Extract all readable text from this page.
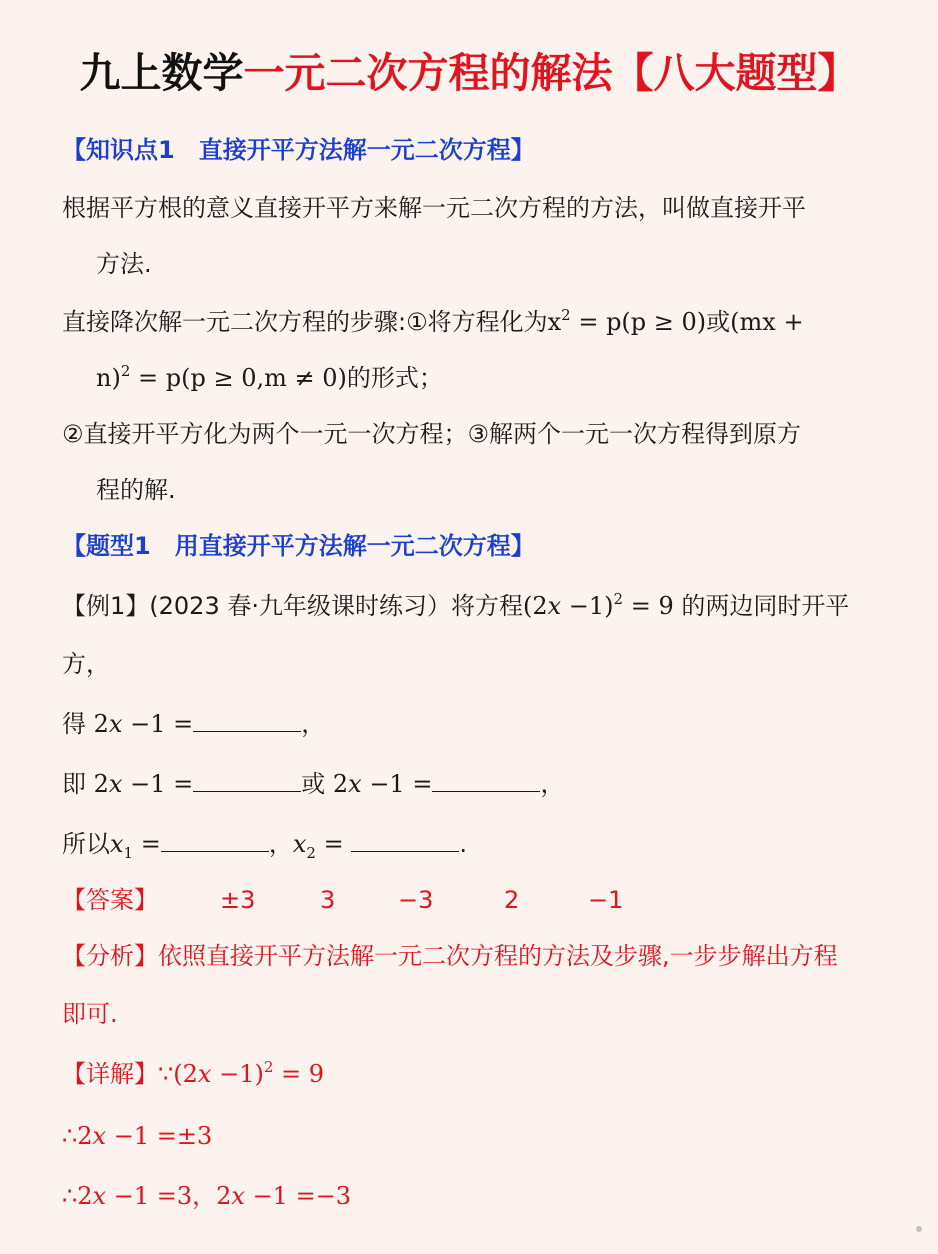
九上数学一元二次方程的解法【八大题型】
【知识点1　直接开平方法解一元二次方程】
根据平方根的意义直接开平方来解一元二次方程的方法，叫做直接开平
方法.
直接降次解一元二次方程的步骤:①将方程化为$x^2 = p(p \ge 0)$或(mx +
n)$^2$ = p(p ≥ 0,m ≠ 0)的形式；
②直接开平方化为两个一元一次方程；③解两个一元一次方程得到原方
程的解.
【题型1　用直接开平方法解一元二次方程】
【例1】(2023 春·九年级课时练习）将方程$(2x -1)^2 = 9$ 的两边同时开平
方，
得 2x −1 =	，
即 2x −1 =	或 2x −1 =	，
所以$x_1$ =	，$x_2$ =	.
【答案】	±3	3	−3	2	−1
【分析】依照直接开平方法解一元二次方程的方法及步骤,一步步解出方程
即可.
【详解】∵(2x −1)$^2$ = 9
∴2x −1 =±3
∴2x −1 =3，2x −1 =−3
